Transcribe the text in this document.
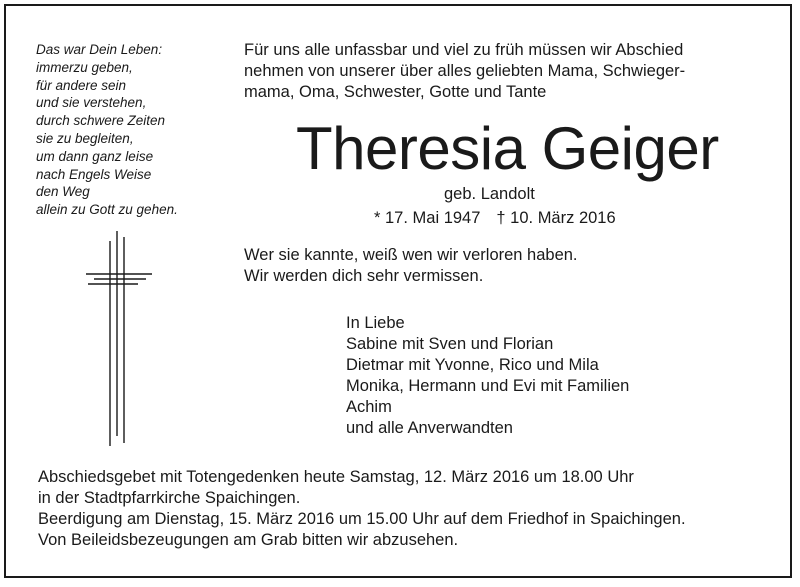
Das war Dein Leben:
immerzu geben,
für andere sein
und sie verstehen,
durch schwere Zeiten
sie zu begleiten,
um dann ganz leise
nach Engels Weise
den Weg
allein zu Gott zu gehen.
Für uns alle unfassbar und viel zu früh müssen wir Abschied
nehmen von unserer über alles geliebten Mama, Schwieger-
mama, Oma, Schwester, Gotte und Tante
Theresia Geiger
geb. Landolt
* 17. Mai 1947 † 10. März 2016
Wer sie kannte, weiß wen wir verloren haben.
Wir werden dich sehr vermissen.
In Liebe
Sabine mit Sven und Florian
Dietmar mit Yvonne, Rico und Mila
Monika, Hermann und Evi mit Familien
Achim
und alle Anverwandten
Abschiedsgebet mit Totengedenken heute Samstag, 12. März 2016 um 18.00 Uhr
in der Stadtpfarrkirche Spaichingen.
Beerdigung am Dienstag, 15. März 2016 um 15.00 Uhr auf dem Friedhof in Spaichingen.
Von Beileidsbezeugungen am Grab bitten wir abzusehen.
